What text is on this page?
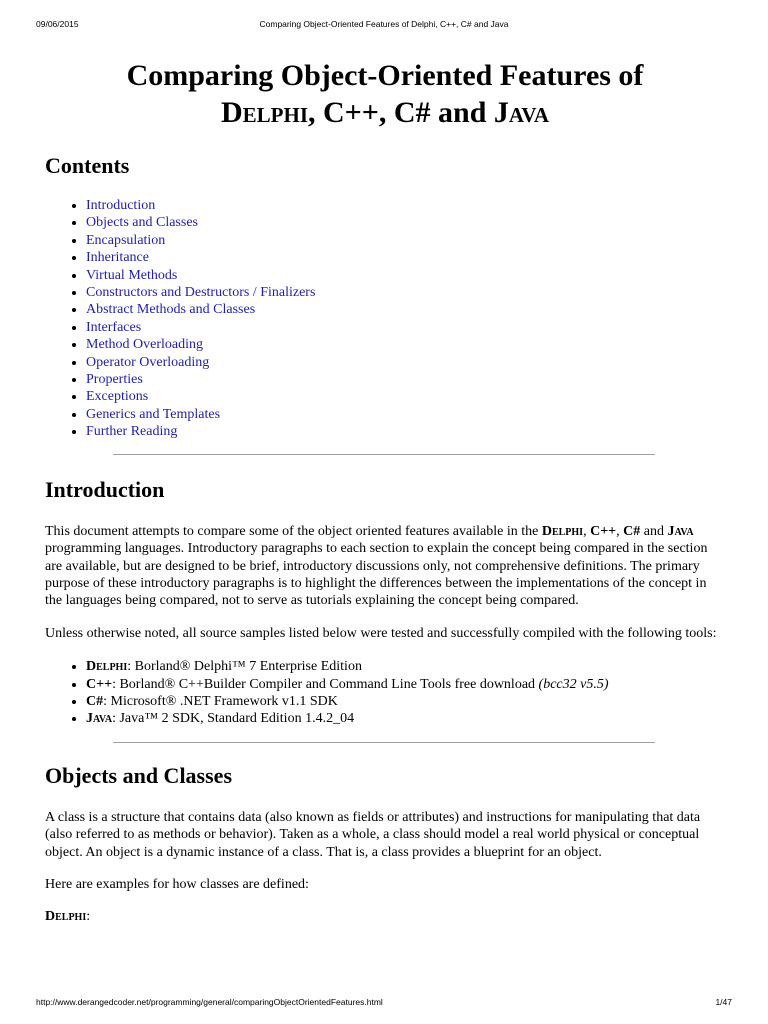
09/06/2015	Comparing Object-Oriented Features of Delphi, C++, C# and Java
Comparing Object-Oriented Features of
Delphi, C++, C# and Java
Contents
• Introduction
• Objects and Classes
• Encapsulation
• Inheritance
• Virtual Methods
• Constructors and Destructors / Finalizers
• Abstract Methods and Classes
• Interfaces
• Method Overloading
• Operator Overloading
• Properties
• Exceptions
• Generics and Templates
• Further Reading
Introduction

This document attempts to compare some of the object oriented features available in the Delphi, C++, C# and Java programming languages. Introductory paragraphs to each section to explain the concept being compared in the section are available, but are designed to be brief, introductory discussions only, not comprehensive definitions. The primary purpose of these introductory paragraphs is to highlight the differences between the implementations of the concept in the languages being compared, not to serve as tutorials explaining the concept being compared.

Unless otherwise noted, all source samples listed below were tested and successfully compiled with the following tools:

• Delphi: Borland® Delphi™ 7 Enterprise Edition
• C++: Borland® C++Builder Compiler and Command Line Tools free download (bcc32 v5.5)
• C#: Microsoft® .NET Framework v1.1 SDK
• Java: Java™ 2 SDK, Standard Edition 1.4.2_04
Objects and Classes

A class is a structure that contains data (also known as fields or attributes) and instructions for manipulating that data (also referred to as methods or behavior). Taken as a whole, a class should model a real world physical or conceptual object. An object is a dynamic instance of a class. That is, a class provides a blueprint for an object.

Here are examples for how classes are defined:

Delphi:

http://www.derangedcoder.net/programming/general/comparingObjectOrientedFeatures.html	1/47
